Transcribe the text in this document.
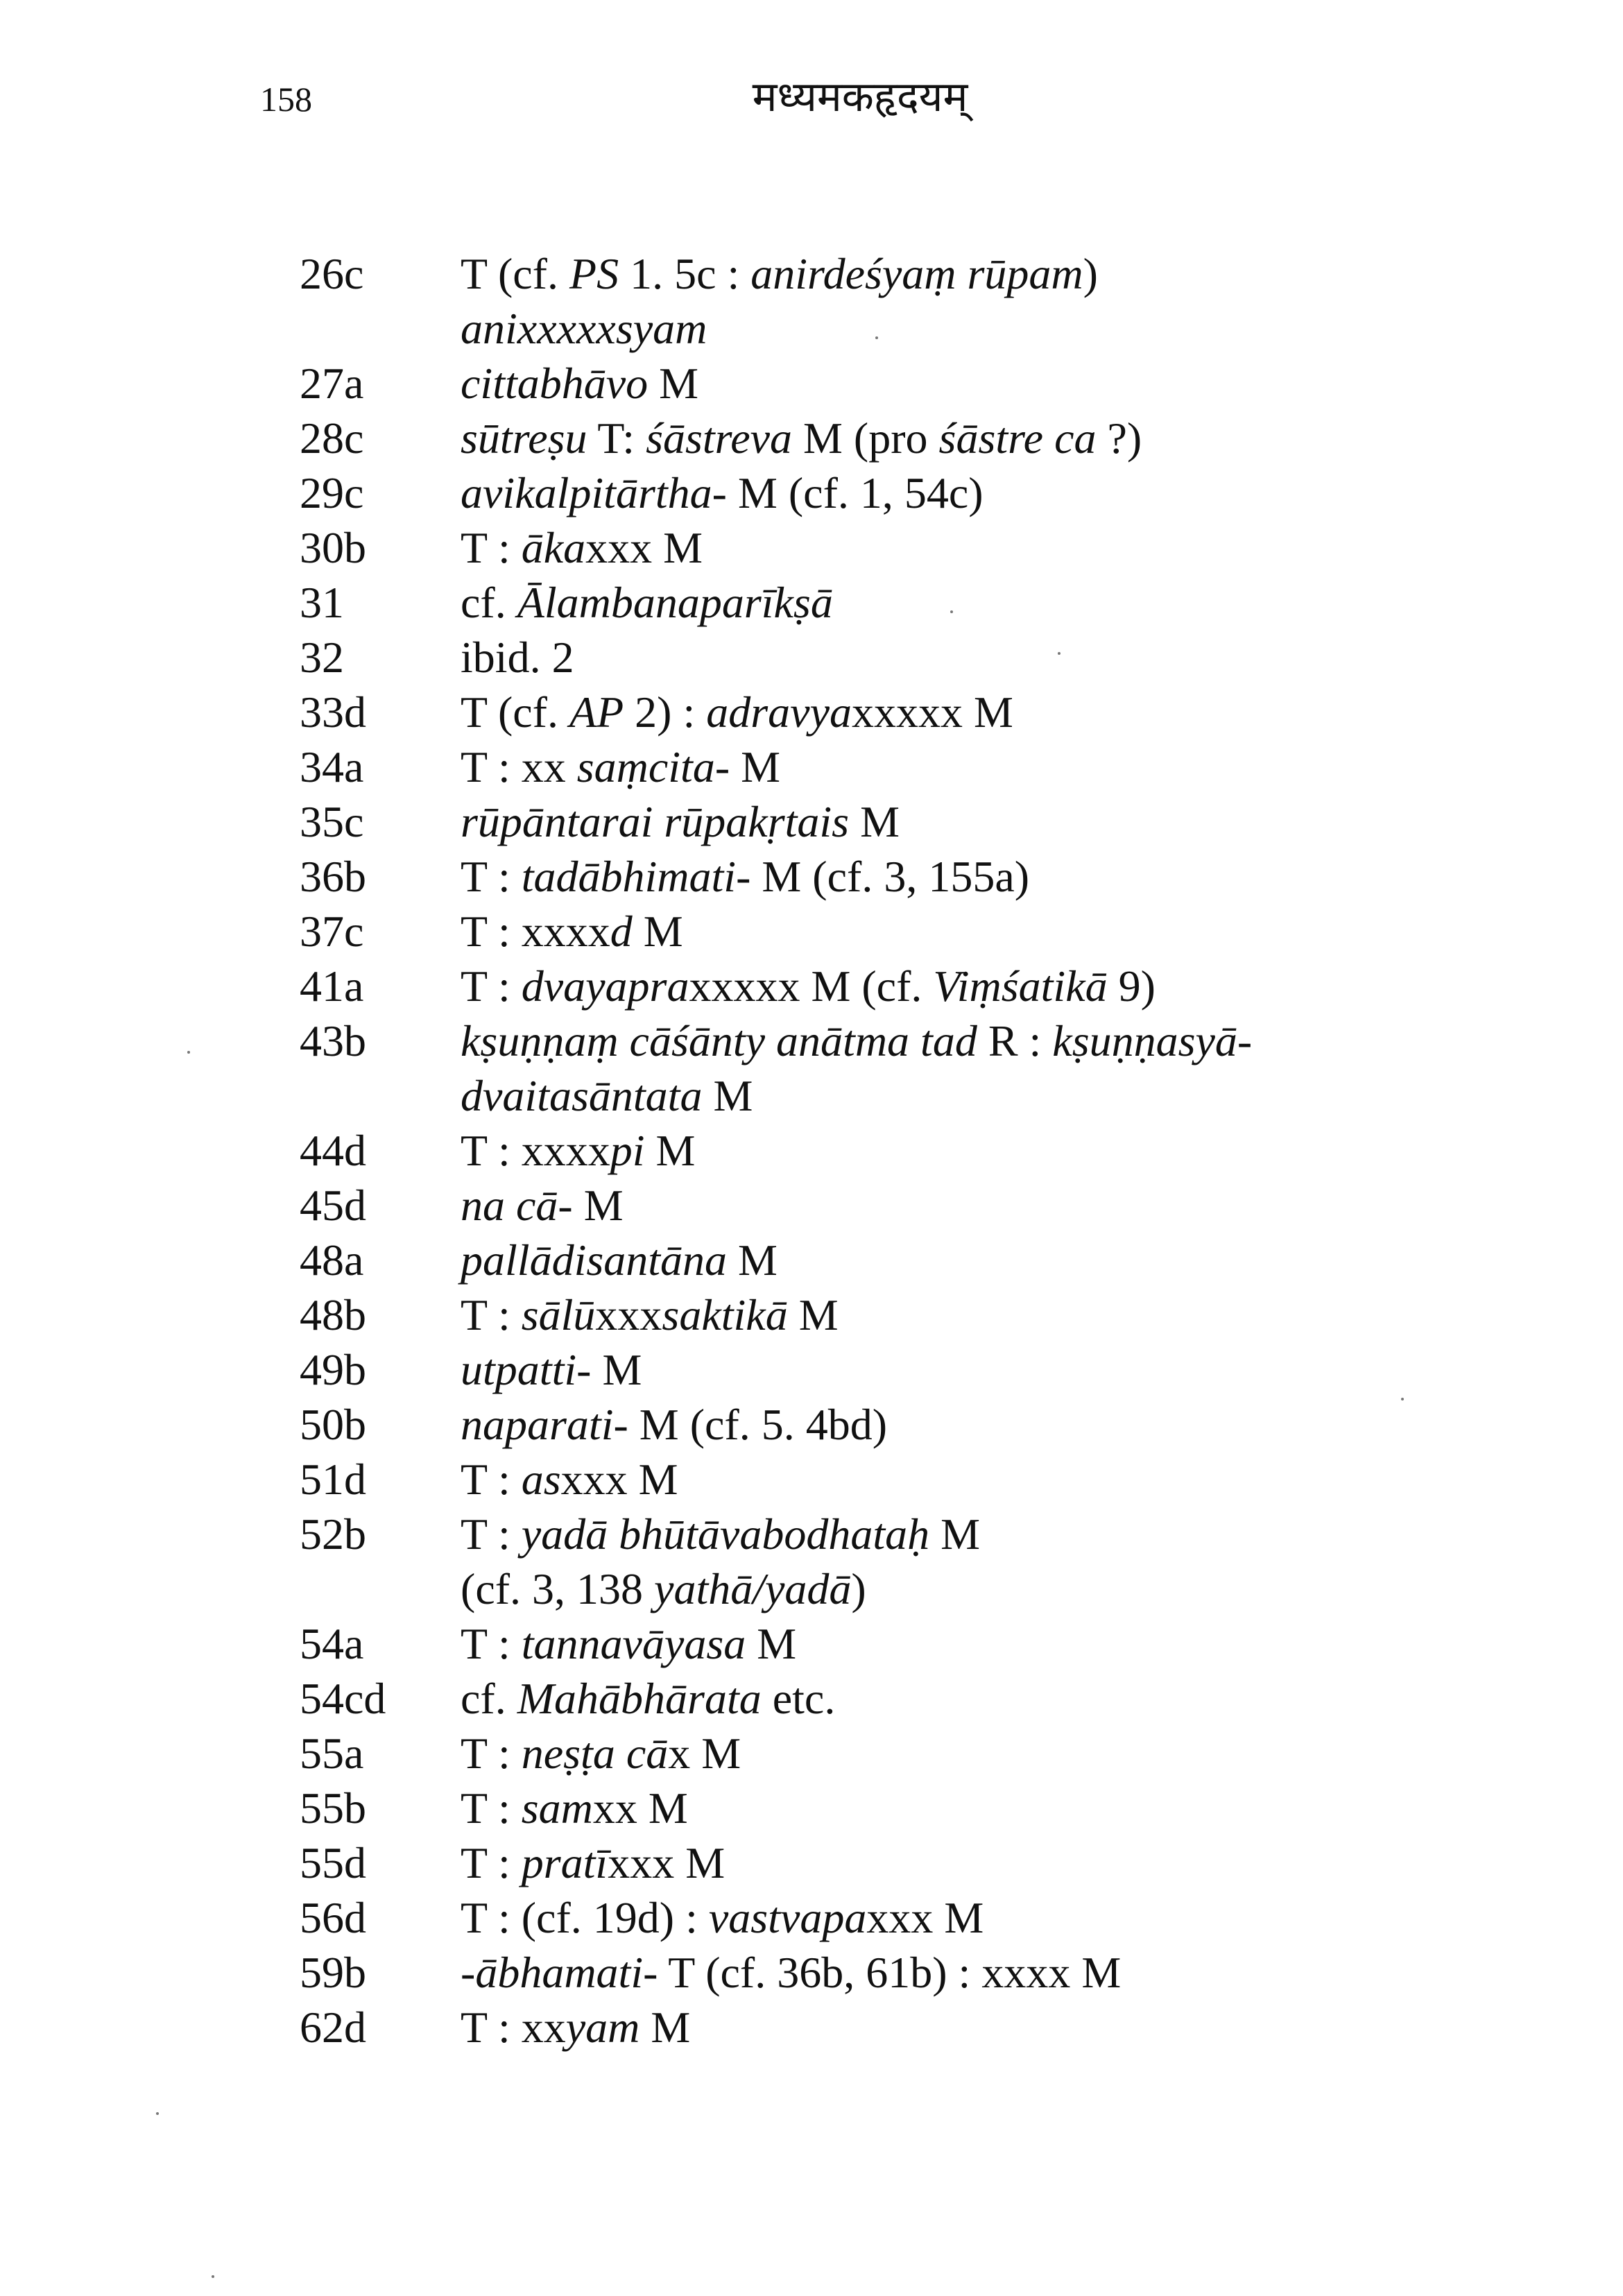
158	मध्यमकहृदयम्
26c	T (cf. PS 1. 5c : anirdeśyaṃ rūpam)
anixxxxxsyam
27a	cittabhāvo M
28c	sūtreṣu T: śāstreva M (pro śāstre ca ?)
29c	avikalpitārtha- M (cf. 1, 54c)
30b	T : ākaxxx M
31	cf. Ālambanaparīkṣā
32	ibid. 2
33d	T (cf. AP 2) : adravyaxxxxx M
34a	T : xx saṃcita- M
35c	rūpāntarai rūpakṛtais M
36b	T : tadābhimati- M (cf. 3, 155a)
37c	T : xxxxd M
41a	T : dvayapraxxxxx M (cf. Viṃśatikā 9)
43b	kṣuṇṇaṃ cāśānty anātma tad R : kṣuṇṇasyā-
dvaitasāntata M
44d	T : xxxxpi M
45d	na cā- M
48a	pallādisantāna M
48b	T : sālūxxxsaktikā M
49b	utpatti- M
50b	naparati- M (cf. 5. 4bd)
51d	T : asxxx M
52b	T : yadā bhūtāvabodhataḥ M
(cf. 3, 138 yathā/yadā)
54a	T : tannavāyasa M
54cd	cf. Mahābhārata etc.
55a	T : neṣṭa cāx M
55b	T : samxx M
55d	T : pratīxxx M
56d	T : (cf. 19d) : vastvapaxxx M
59b	-ābhamati- T (cf. 36b, 61b) : xxxx M
62d	T : xxyam M
